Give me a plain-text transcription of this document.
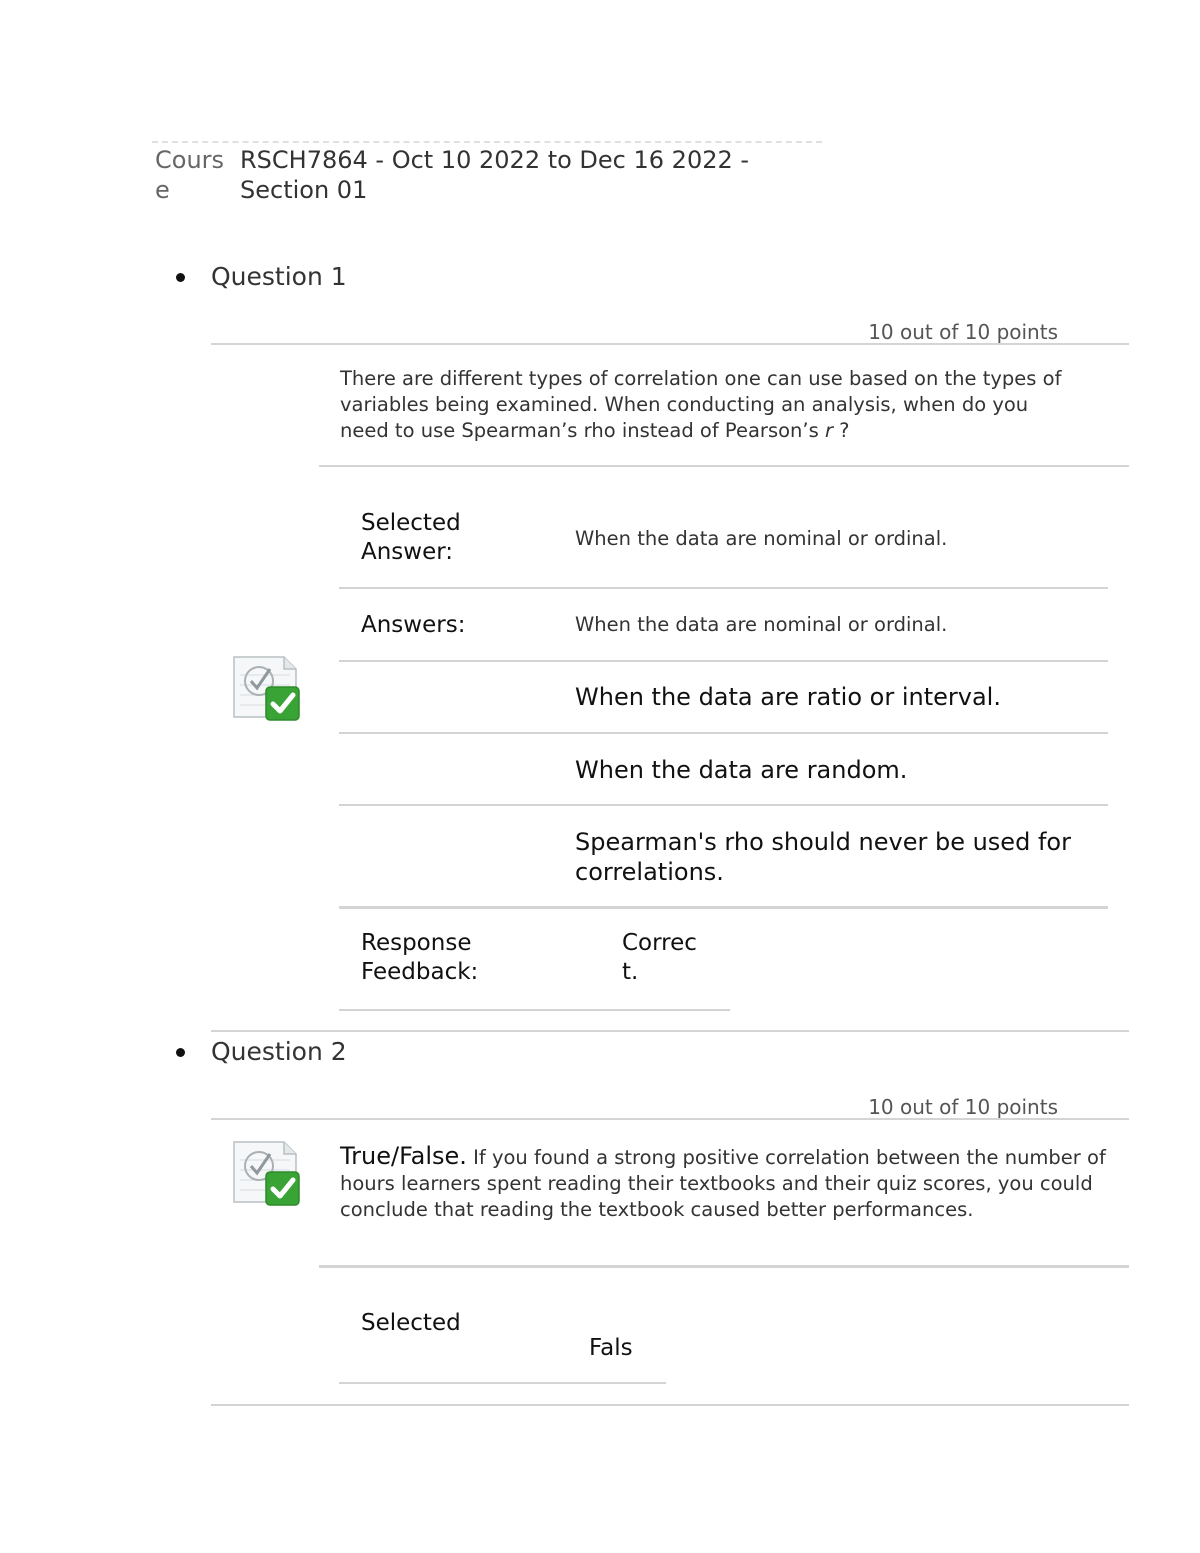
Course
RSCH7864 - Oct 10 2022 to Dec 16 2022 - Section 01
Question 1
10 out of 10 points
There are different types of correlation one can use based on the types of variables being examined. When conducting an analysis, when do you need to use Spearman’s rho instead of Pearson’s r ?
Selected Answer:
When the data are nominal or ordinal.
Answers:	When the data are nominal or ordinal.
When the data are ratio or interval.
When the data are random.
Spearman's rho should never be used for correlations.
Response Feedback:
Correct.
Question 2
10 out of 10 points
True/False. If you found a strong positive correlation between the number of hours learners spent reading their textbooks and their quiz scores, you could conclude that reading the textbook caused better performances.
Selected
Fals
